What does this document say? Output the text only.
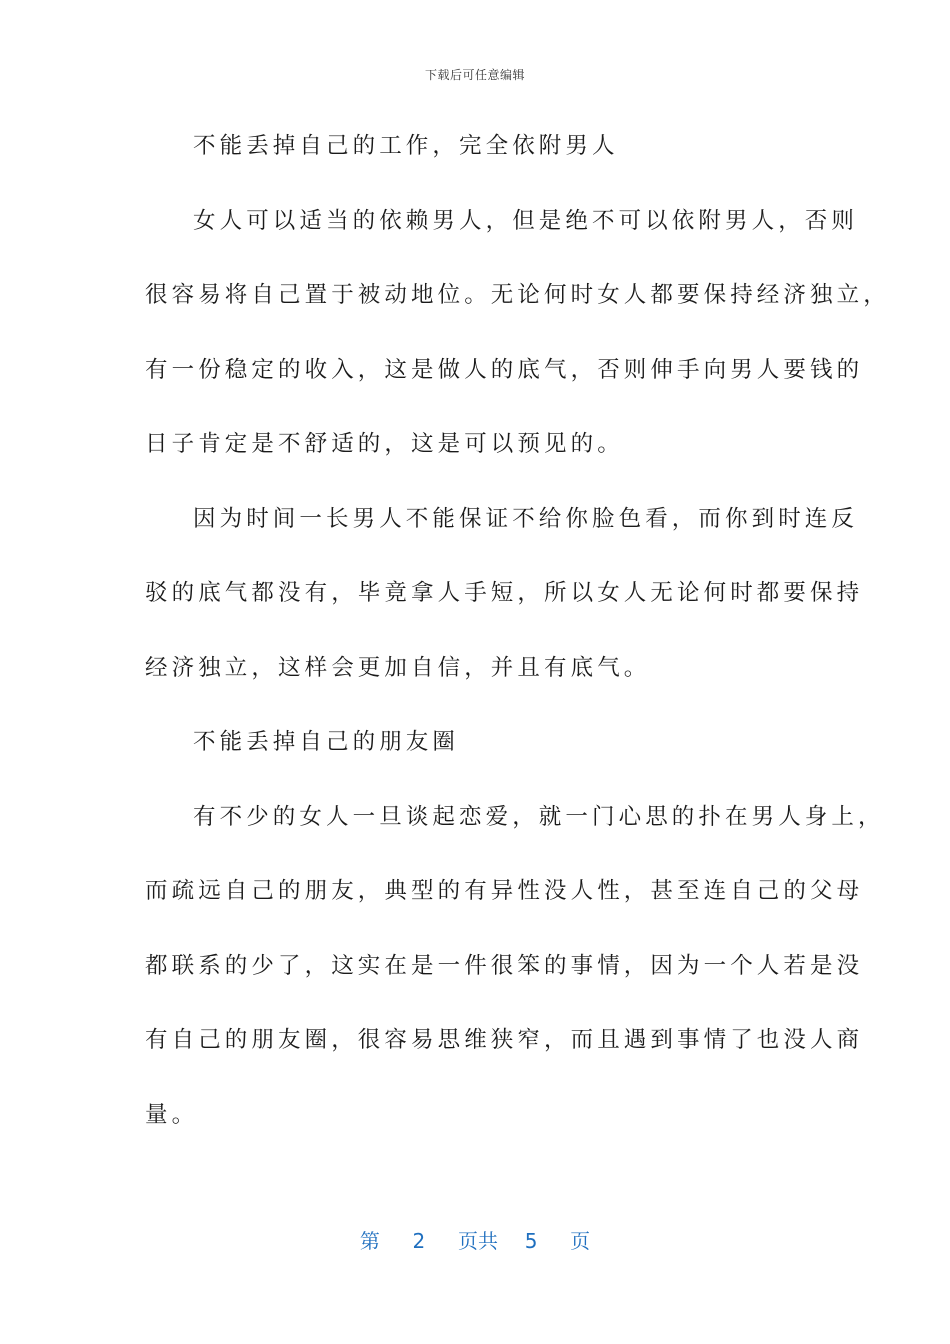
下载后可任意编辑
不能丢掉自己的工作，完全依附男人
女人可以适当的依赖男人，但是绝不可以依附男人，否则
很容易将自己置于被动地位。无论何时女人都要保持经济独立，
有一份稳定的收入，这是做人的底气，否则伸手向男人要钱的
日子肯定是不舒适的，这是可以预见的。
因为时间一长男人不能保证不给你脸色看，而你到时连反
驳的底气都没有，毕竟拿人手短，所以女人无论何时都要保持
经济独立，这样会更加自信，并且有底气。
不能丢掉自己的朋友圈
有不少的女人一旦谈起恋爱，就一门心思的扑在男人身上，
而疏远自己的朋友，典型的有异性没人性，甚至连自己的父母
都联系的少了，这实在是一件很笨的事情，因为一个人若是没
有自己的朋友圈，很容易思维狭窄，而且遇到事情了也没人商
量。
第 2 页共 5 页
